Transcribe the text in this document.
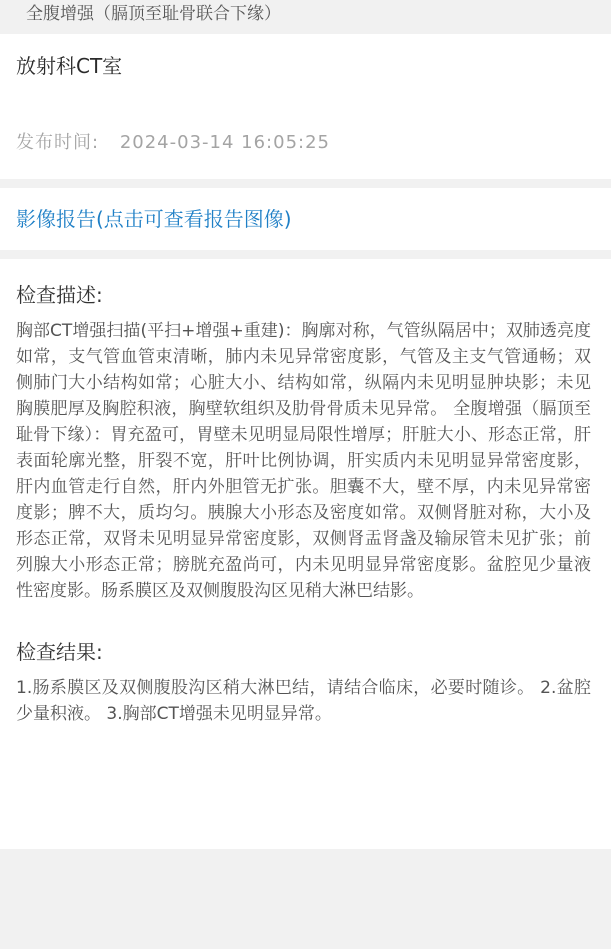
全腹增强（膈顶至耻骨联合下缘）
放射科CT室
发布时间: 2024-03-14 16:05:25
影像报告(点击可查看报告图像)
检查描述:
胸部CT增强扫描(平扫+增强+重建)：胸廓对称，气管纵隔居中；双肺透亮度如常，支气管血管束清晰，肺内未见异常密度影，气管及主支气管通畅；双侧肺门大小结构如常；心脏大小、结构如常，纵隔内未见明显肿块影；未见胸膜肥厚及胸腔积液，胸壁软组织及肋骨骨质未见异常。 全腹增强（膈顶至耻骨下缘）：胃充盈可，胃壁未见明显局限性增厚；肝脏大小、形态正常，肝表面轮廓光整，肝裂不宽，肝叶比例协调，肝实质内未见明显异常密度影，肝内血管走行自然，肝内外胆管无扩张。胆囊不大，壁不厚，内未见异常密度影；脾不大，质均匀。胰腺大小形态及密度如常。双侧肾脏对称，大小及形态正常，双肾未见明显异常密度影，双侧肾盂肾盏及输尿管未见扩张；前列腺大小形态正常；膀胱充盈尚可，内未见明显异常密度影。盆腔见少量液性密度影。肠系膜区及双侧腹股沟区见稍大淋巴结影。
检查结果:
1.肠系膜区及双侧腹股沟区稍大淋巴结，请结合临床，必要时随诊。 2.盆腔少量积液。 3.胸部CT增强未见明显异常。
